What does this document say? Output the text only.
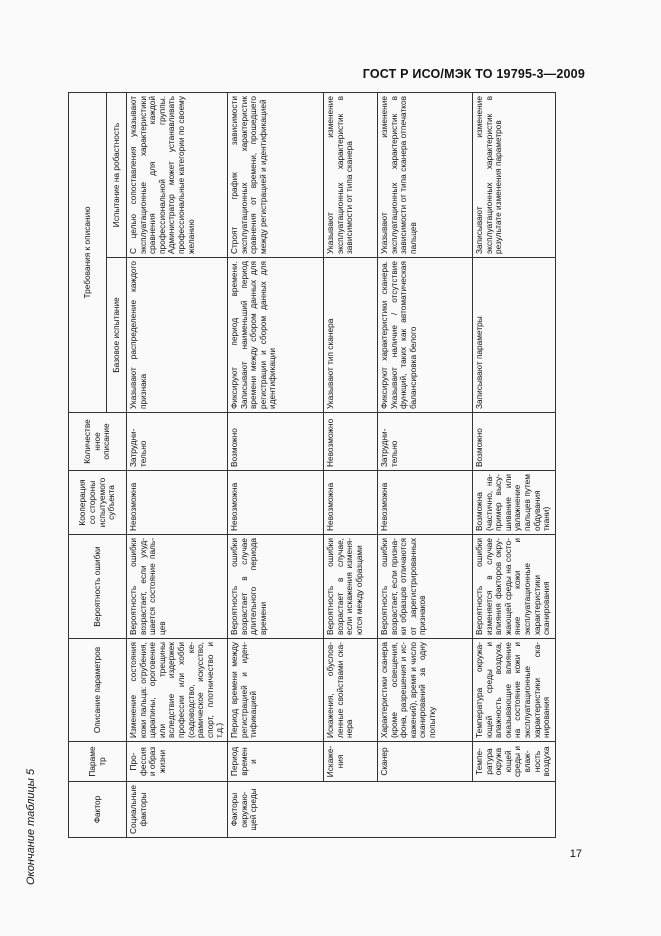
ГОСТ Р ИСО/МЭК ТО 19795-3—2009
Окончание таблицы 5	Фактор	Параметр	Описание параметров	Вероятность ошибки	Кооперация со стороны испытуемого субъекта	Количественное описание	Требования к описанию	
						Базовое испытание	Испытание на робастность
Социальные факторы	Профессия и образ жизни	Изменение состояния кожи пальца: огрубения, царапины, ороговение или трещины вследствие издержек профессии или хобби (садоводство, керамическое искусство, спорт, плотничество и т.д.)	Вероятность ошибки возрастает, если ухудшается состояние пальцев	Невозможна	Затруднительно	Указывают распределение каждого признака	С целью сопоставления указывают эксплуатационные характеристики сравнения для каждой профессиональной группы. Администратор может устанавливать профессиональные категории по своему желанию
Факторы окружающей среды	Период времени	Период времени между регистрацией и идентификацией	Вероятность ошибки возрастает в случае длительного периода времени	Невозможна	Возможно	Фиксируют период времени. Записывают наименьший период времени между сбором данных для регистрации и сбором данных для идентификации	Строят график зависимости эксплуатационных характеристик сравнения от времени, прошедшего между регистрацией и идентификацией
	Искажения	Искажения, обусловленные свойствами сканера	Вероятность ошибки возрастает в случае, если искажения изменяются между образцами	Невозможна	Невозможно	Указывают тип сканера	Указывают изменение эксплуатационных характеристик в зависимости от типа сканера
	Сканер	Характеристики сканера (кроме освещения, фона, разрешения и искажений), время и число сканирований за одну попытку	Вероятность ошибки возрастает, если признаки образцов отличаются от зарегистрированных признаков	Невозможна	Затруднительно	Фиксируют характеристики сканера. Указывают наличие / отсутствие функций, таких как автоматическая балансировка белого	Указывают изменение эксплуатационных характеристик в зависимости от типа сканера отпечатков пальцев
	Температура окружающей среды и влажность воздуха	Температура окружающей среды и влажность воздуха, оказывающие влияние на состояние кожи и эксплуатационные характеристики сканирования	Вероятность ошибки изменяется в случае влияния факторов окружающей среды на состояние кожи и эксплуатационные характеристики сканирования	Возможна (частично, например высушивание или увлажнение пальцев путем обдувания ткани)	Возможно	Записывают параметры	Записывают изменение эксплуатационных характеристик в результате изменения параметров
17
